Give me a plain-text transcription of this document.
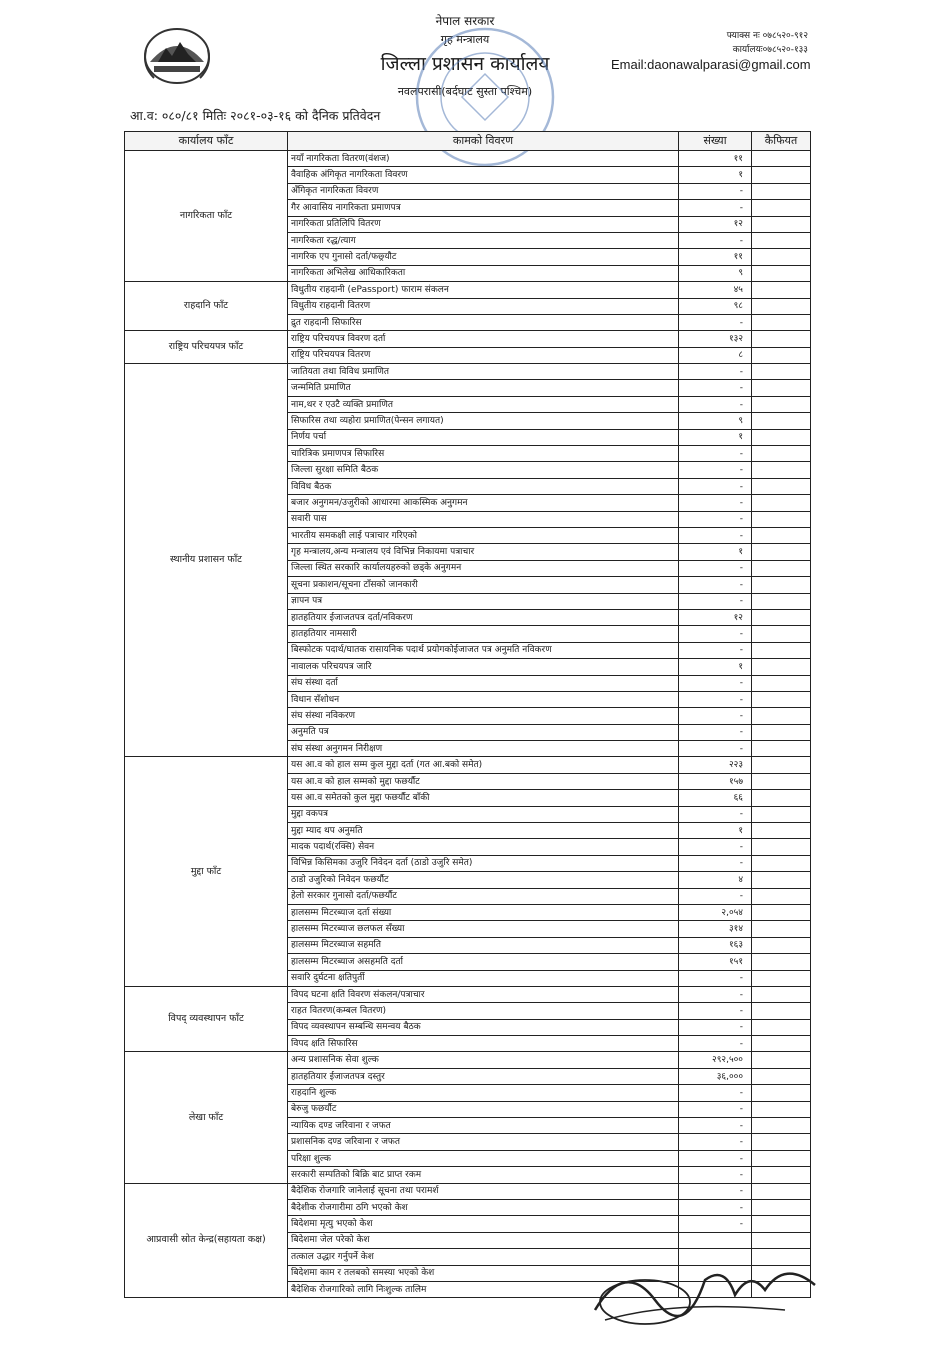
नेपाल सरकार
गृह मन्त्रालय
जिल्ला प्रशासन कार्यालय
नवलपरासी(बर्दघाट सुस्ता पश्चिम)
फ्याक्स नः ०७८५२०-९१२
कार्यालयः०७८५२०-१३३
Email:daonawalparasi@gmail.com
आ.व: ०८०/८१ मितिः २०८१-०३-१६ को दैनिक प्रतिवेदन
कार्यालय फाँट	कामको विवरण	संख्या	कैफियत
नागरिकता फाँट	नयाँ नागरिकता वितरण(वंशज)	११	
	वैवाहिक अंगिकृत नागरिकता विवरण	१	
	अँगिकृत नागरिकता विवरण	-	
	गैर आवासिय नागरिकता प्रमाणपत्र	-	
	नागरिकता प्रतिलिपि वितरण	१२	
	नागरिकता रद्ध/त्याग	-	
	नागरिक एप गुनासो दर्ता/फछ्र्यौट	११	
	नागरिकता अभिलेख आधिकारिकता	९	
राहदानि फाँट	विधुतीय राहदानी (ePassport) फाराम संकलन	४५	
	विधुतीय राहदानी वितरण	९८	
	द्रुत राहदानी सिफारिस	-	
राष्ट्रिय परिचयपत्र फाँट	राष्ट्रिय परिचयपत्र विवरण दर्ता	१३२	
	राष्ट्रिय परिचयपत्र वितरण	८	
स्थानीय प्रशासन फाँट	जातियता तथा विविध प्रमाणित	-	
	जन्ममिति प्रमाणित	-	
	नाम,थर र एउटै व्यक्ति प्रमाणित	-	
	सिफारिस तथा व्यहोरा प्रमाणित(पेन्सन लगायत)	९	
	निर्णय पर्चा	१	
	चारित्रिक प्रमाणपत्र सिफारिस	-	
	जिल्ला सुरक्षा समिति बैठक	-	
	विविध बैठक	-	
	बजार अनुगमन/उजुरीको आधारमा आकस्मिक अनुगमन	-	
	सवारी पास	-	
	भारतीय समकक्षी लाई पत्राचार गरिएको	-	
	गृह मन्त्रालय,अन्य मन्त्रालय एवं विभिन्न निकायमा पत्राचार	१	
	जिल्ला स्थित सरकारि कार्यालयहरुको छड्के अनुगमन	-	
	सूचना प्रकाशन/सूचना टाँसको जानकारी	-	
	ज्ञापन पत्र	-	
	हातहतियार ईजाजतपत्र दर्ता/नविकरण	१२	
	हातहतियार नामसारी	-	
	बिस्फोटक पदार्थ/घातक रासायनिक पदार्थ प्रयोगकोईजाजत पत्र अनुमति नविकरण	-	
	नावालक परिचयपत्र जारि	१	
	संघ संस्था दर्ता	-	
	विधान सँशोधन	-	
	संघ संस्था नविकरण	-	
	अनुमति पत्र	-	
	संघ संस्था अनुगमन निरीक्षण	-	
मुद्दा फाँट	यस आ.व को हाल सम्म कुल मुद्दा दर्ता (गत आ.बको समेत)	२२३	
	यस आ.व को हाल सम्मको मुद्दा फछर्यौट	१५७	
	यस आ.व समेतको कुल मुद्दा फछर्यौट बाँकी	६६	
	मुद्दा वकपत्र	-	
	मुद्दा म्याद थप अनुमति	१	
	मादक पदार्थ(रक्सि) सेवन	-	
	विभिन्न किसिमका उजुरि निवेदन दर्ता (ठाडो उजुरि समेत)	-	
	ठाडो उजुरिको निवेदन फछर्यौट	४	
	हेलो सरकार गुनासो दर्ता/फछर्यौट	-	
	हालसम्म मिटरब्याज दर्ता संख्या	२,०५४	
	हालसम्म मिटरब्याज छलफल सँख्या	३१४	
	हालसम्म मिटरब्याज सहमति	१६३	
	हालसम्म मिटरब्याज असहमति दर्ता	१५१	
	सवारि दुर्घटना क्षतिपुर्ती	-	
विपद् व्यवस्थापन फाँट	विपद घटना क्षति विवरण संकलन/पत्राचार	-	
	राहत वितरण(कम्बल वितरण)	-	
	विपद व्यवस्थापन सम्बन्धि समन्वय बैठक	-	
	विपद क्षति सिफारिस	-	
लेखा फाँट	अन्य प्रशासनिक सेवा शुल्क	२९२,५००	
	हातहतियार ईजाजतपत्र दस्तुर	३६,०००	
	राहदानि शुल्क	-	
	बेरुजु फछर्यौट	-	
	न्यायिक दण्ड जरिवाना र जफत	-	
	प्रशासनिक दण्ड जरिवाना र जफत	-	
	परिक्षा शुल्क	-	
	सरकारी सम्पतिको बिक्रि बाट प्राप्त रकम	-	
आप्रवासी स्रोत केन्द्र(सहायता कक्ष)	बैदेशिक रोजगारि जानेलाई सूचना तथा परामर्श	-	
	बैदेशीक रोजगारीमा ठगि भएको केश	-	
	बिदेशमा मृत्यु भएको केश	-	
	बिदेशमा जेल परेको केश		
	तत्काल उद्धार गर्नुपर्ने केश		
	बिदेशमा काम र तलबको समस्या भएको केश		
	बैदेशिक रोजगारिको लागि निःशुल्क तालिम		
